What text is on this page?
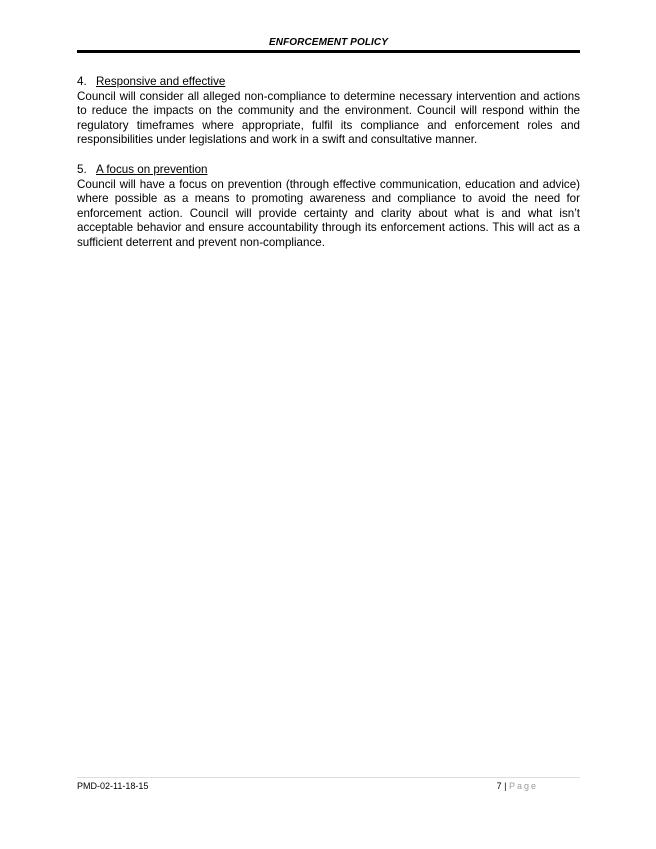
ENFORCEMENT POLICY

4. Responsive and effective

Council will consider all alleged non-compliance to determine necessary intervention and actions to reduce the impacts on the community and the environment. Council will respond within the regulatory timeframes where appropriate, fulfil its compliance and enforcement roles and responsibilities under legislations and work in a swift and consultative manner.

5. A focus on prevention

Council will have a focus on prevention (through effective communication, education and advice) where possible as a means to promoting awareness and compliance to avoid the need for enforcement action. Council will provide certainty and clarity about what is and what isn’t acceptable behavior and ensure accountability through its enforcement actions. This will act as a sufficient deterrent and prevent non-compliance.

PMD-02-11-18-15	7 | Page
